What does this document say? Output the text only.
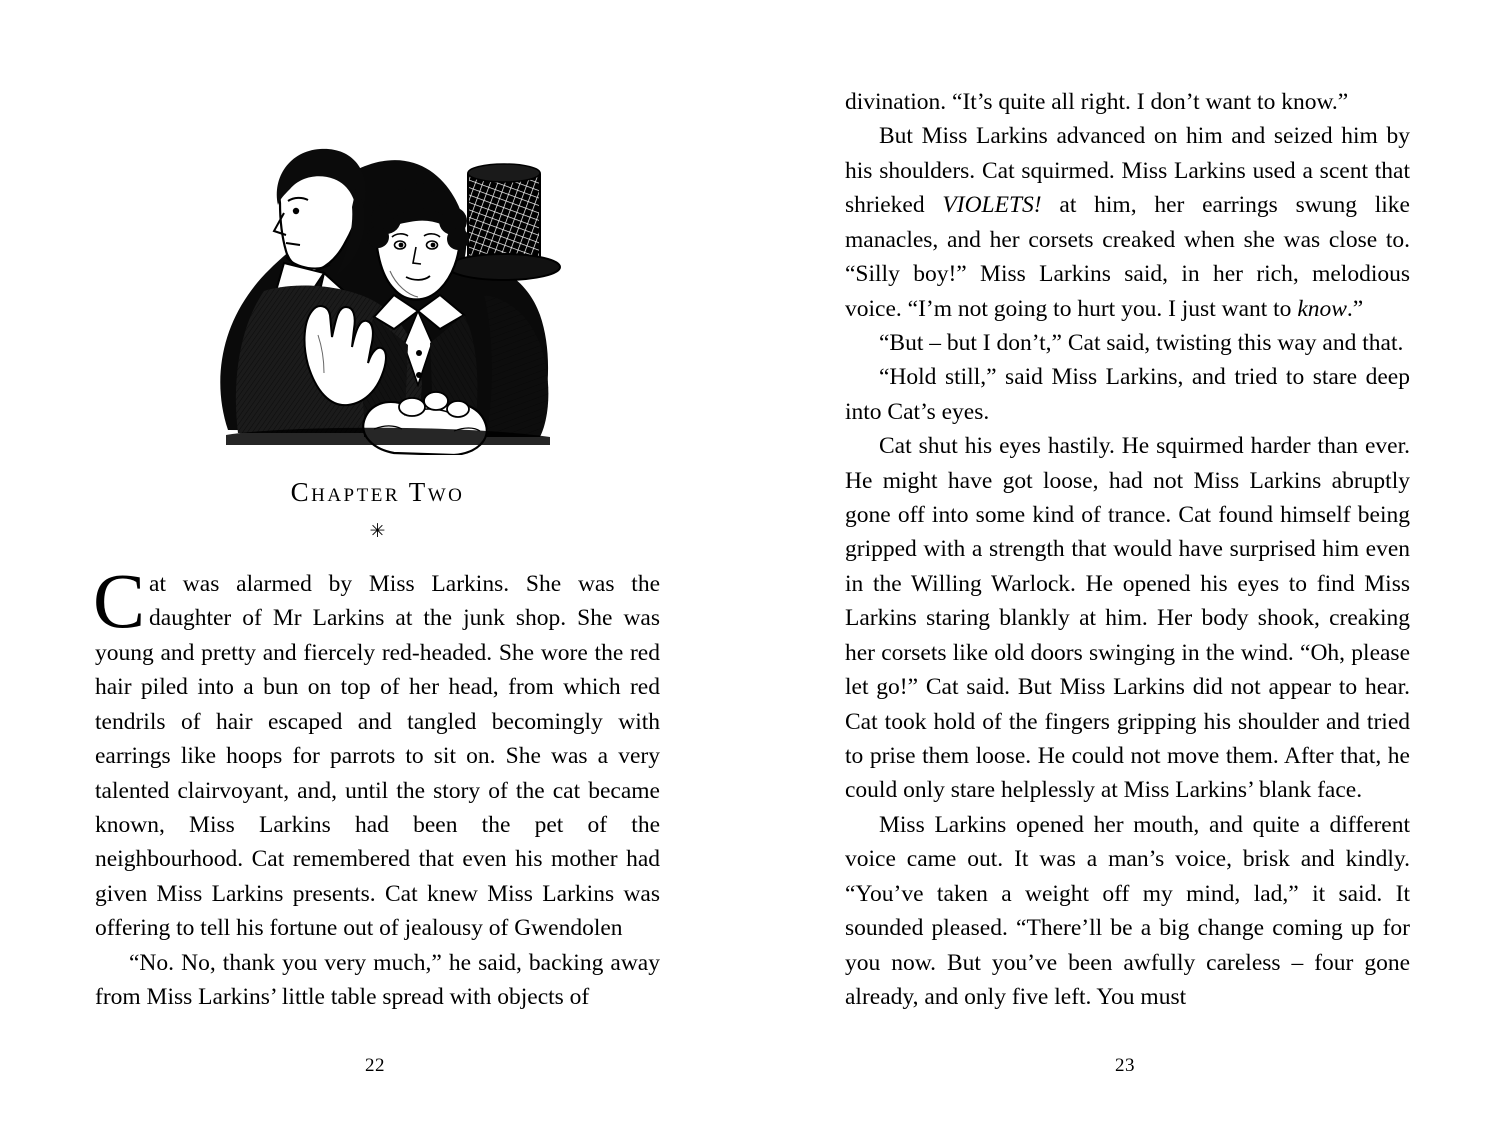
Chapter Two
✳

Cat was alarmed by Miss Larkins. She was the daughter of Mr Larkins at the junk shop. She was young and pretty and fiercely red-headed. She wore the red hair piled into a bun on top of her head, from which red tendrils of hair escaped and tangled becomingly with earrings like hoops for parrots to sit on. She was a very talented clairvoyant, and, until the story of the cat became known, Miss Larkins had been the pet of the neighbourhood. Cat remembered that even his mother had given Miss Larkins presents. Cat knew Miss Larkins was offering to tell his fortune out of jealousy of Gwendolen

“No. No, thank you very much,” he said, backing away from Miss Larkins’ little table spread with objects of

22

divination. “It’s quite all right. I don’t want to know.”

But Miss Larkins advanced on him and seized him by his shoulders. Cat squirmed. Miss Larkins used a scent that shrieked VIOLETS! at him, her earrings swung like manacles, and her corsets creaked when she was close to. “Silly boy!” Miss Larkins said, in her rich, melodious voice. “I’m not going to hurt you. I just want to know.”

“But – but I don’t,” Cat said, twisting this way and that.

“Hold still,” said Miss Larkins, and tried to stare deep into Cat’s eyes.

Cat shut his eyes hastily. He squirmed harder than ever. He might have got loose, had not Miss Larkins abruptly gone off into some kind of trance. Cat found himself being gripped with a strength that would have surprised him even in the Willing Warlock. He opened his eyes to find Miss Larkins staring blankly at him. Her body shook, creaking her corsets like old doors swinging in the wind. “Oh, please let go!” Cat said. But Miss Larkins did not appear to hear. Cat took hold of the fingers gripping his shoulder and tried to prise them loose. He could not move them. After that, he could only stare helplessly at Miss Larkins’ blank face.

Miss Larkins opened her mouth, and quite a different voice came out. It was a man’s voice, brisk and kindly. “You’ve taken a weight off my mind, lad,” it said. It sounded pleased. “There’ll be a big change coming up for you now. But you’ve been awfully careless – four gone already, and only five left. You must

23
